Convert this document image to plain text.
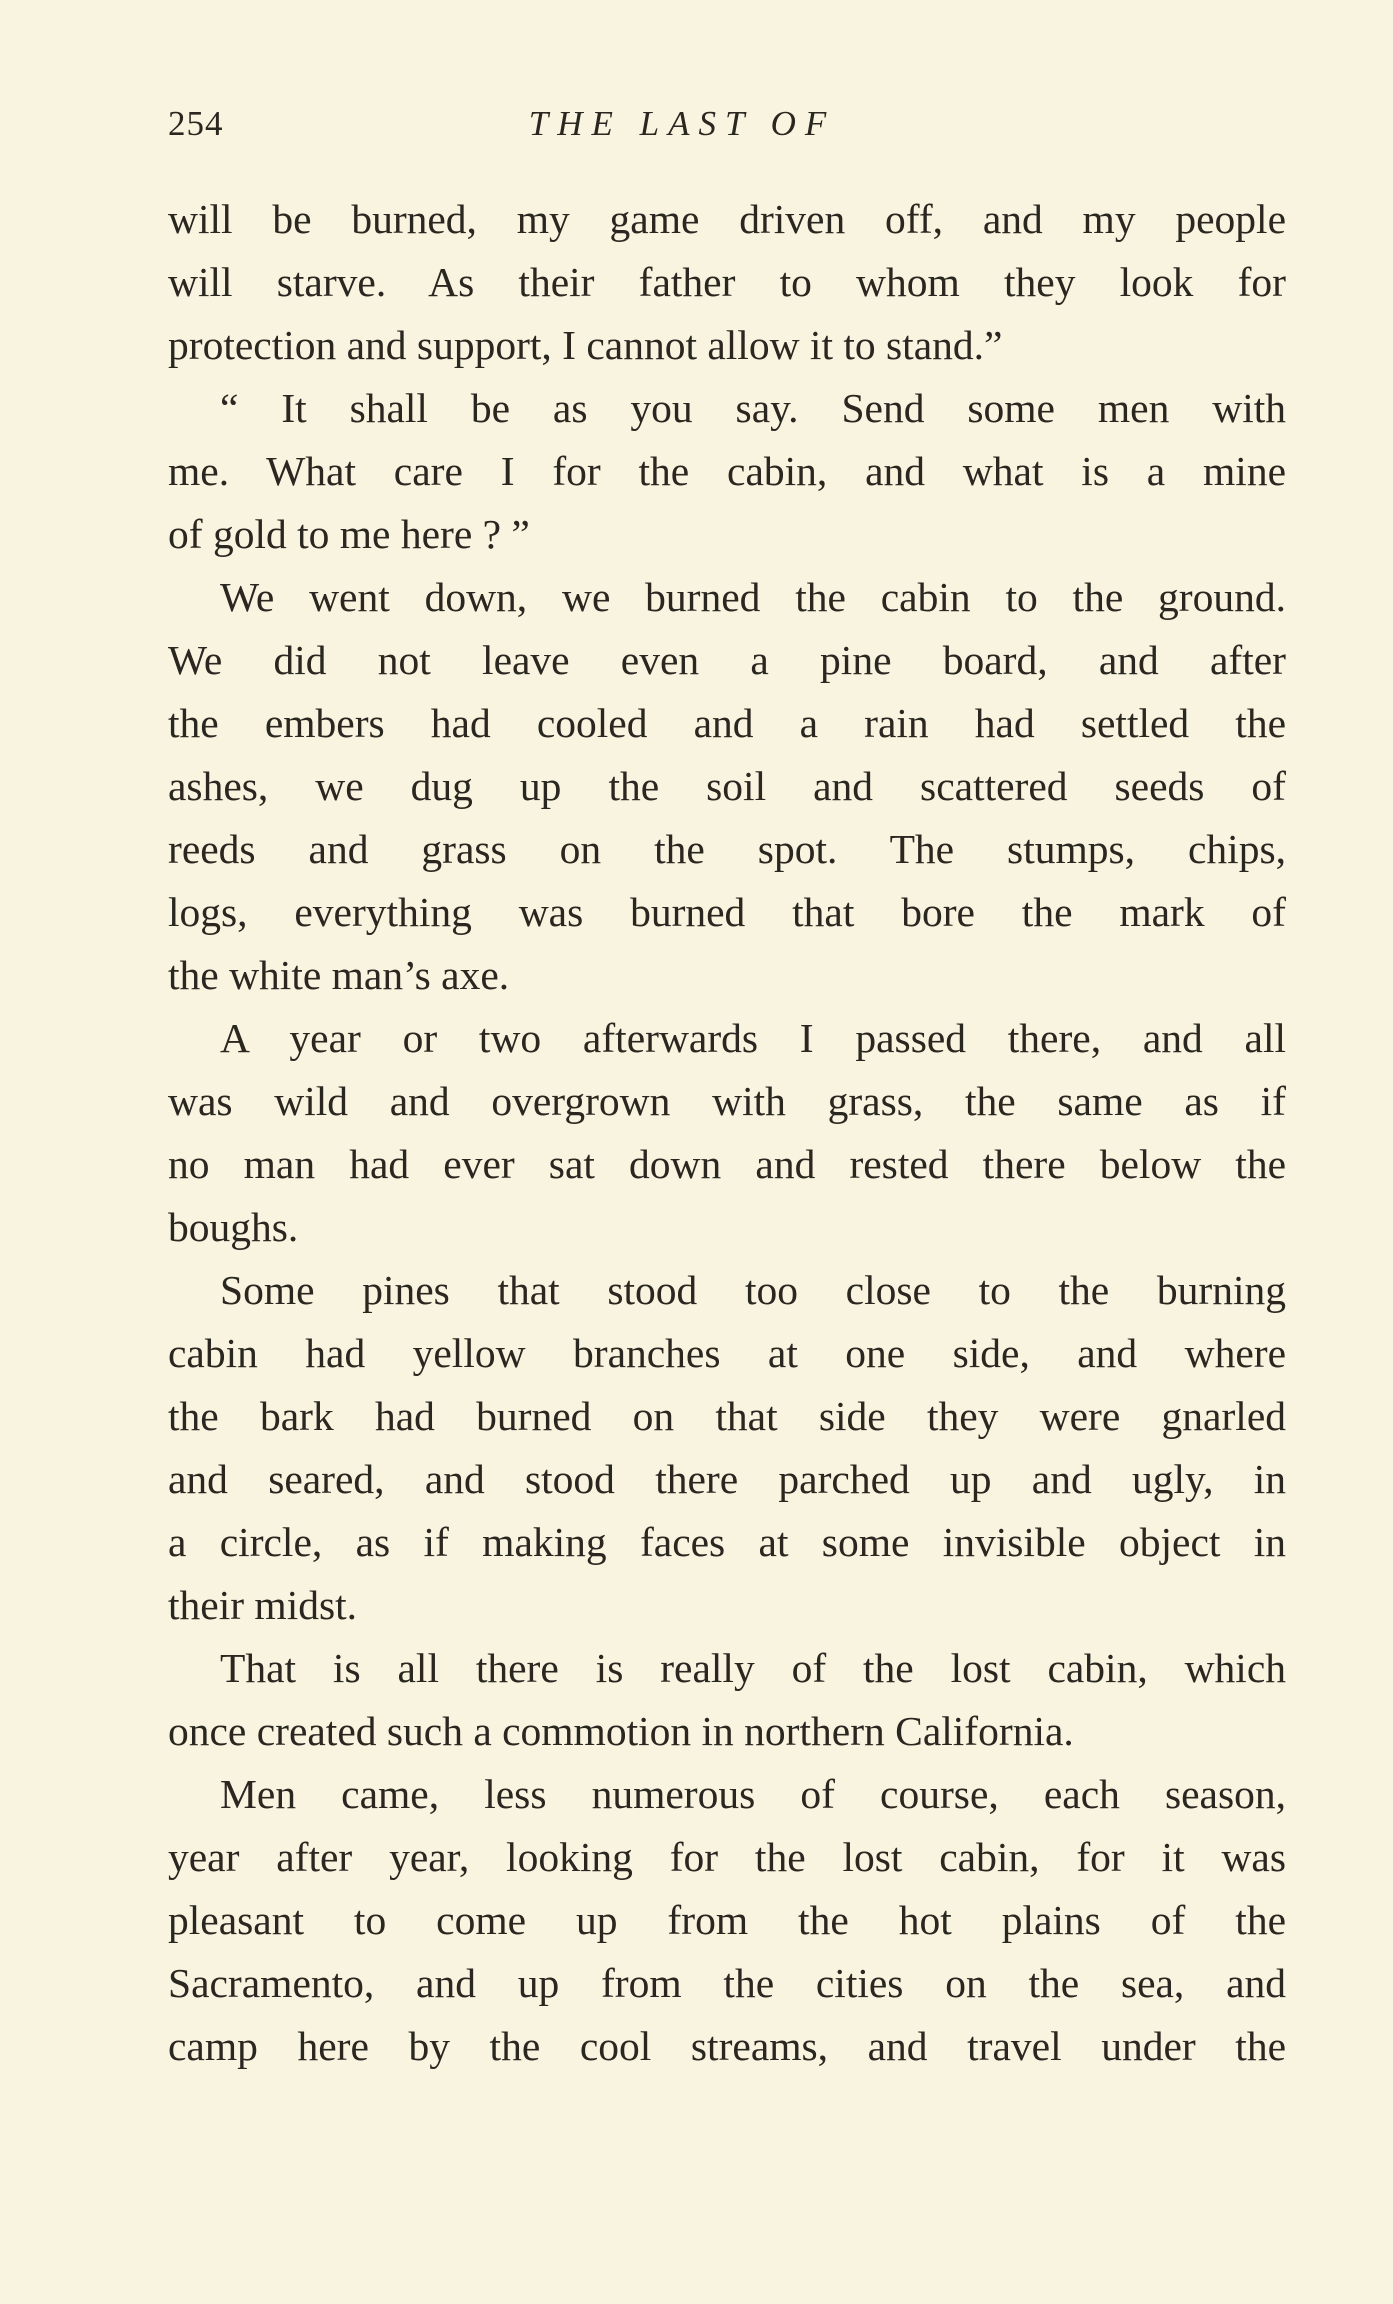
254	THE LAST OF
will be burned, my game driven off, and my people
will starve. As their father to whom they look for
protection and support, I cannot allow it to stand.”
“ It shall be as you say. Send some men with
me. What care I for the cabin, and what is a mine
of gold to me here ? ”
We went down, we burned the cabin to the ground.
We did not leave even a pine board, and after
the embers had cooled and a rain had settled the
ashes, we dug up the soil and scattered seeds of
reeds and grass on the spot. The stumps, chips,
logs, everything was burned that bore the mark of
the white man’s axe.
A year or two afterwards I passed there, and all
was wild and overgrown with grass, the same as if
no man had ever sat down and rested there below the
boughs.
Some pines that stood too close to the burning
cabin had yellow branches at one side, and where
the bark had burned on that side they were gnarled
and seared, and stood there parched up and ugly, in
a circle, as if making faces at some invisible object in
their midst.
That is all there is really of the lost cabin, which
once created such a commotion in northern California.
Men came, less numerous of course, each season,
year after year, looking for the lost cabin, for it was
pleasant to come up from the hot plains of the
Sacramento, and up from the cities on the sea, and
camp here by the cool streams, and travel under the
